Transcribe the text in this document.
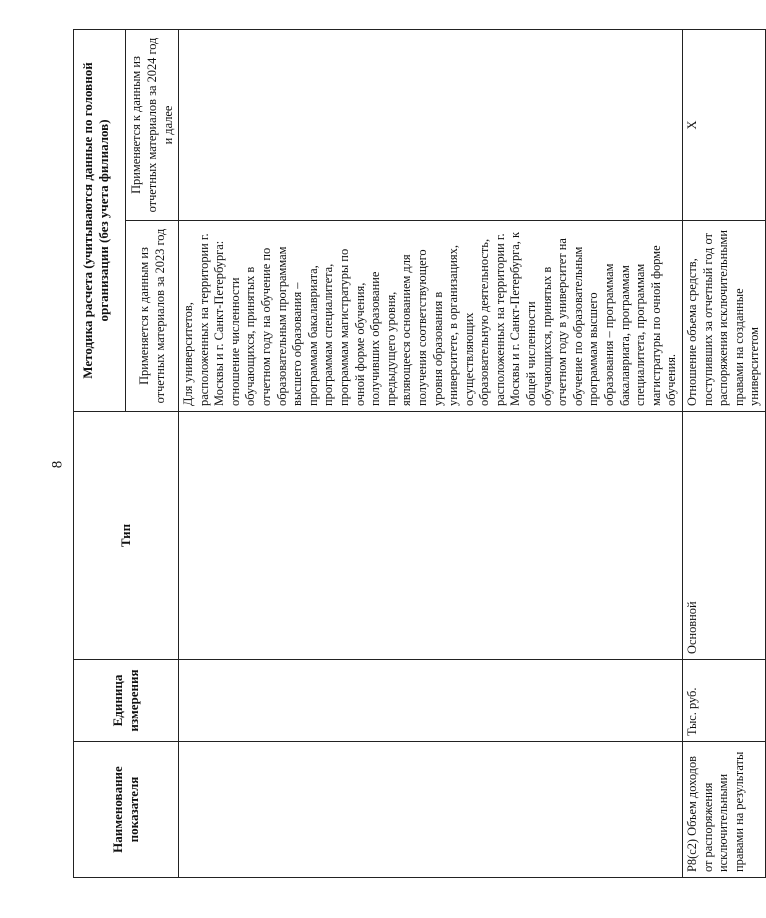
8
Наименование показателя	Единица измерения	Тип	Методика расчета (учитываются данные по головной организации (без учета филиалов)	
			Применяется к данным из отчетных материалов за 2023 год	Применяется к данным из отчетных материалов за 2024 год и далее
			Для университетов, расположенных на территории г. Москвы и г. Санкт-Петербурга: отношение численности обучающихся, принятых в отчетном году на обучение по образовательным программам высшего образования – программам бакалавриата, программам специалитета, программам магистратуры по очной форме обучения, получивших образование предыдущего уровня, являющееся основанием для получения соответствующего уровня образования в университете, в организациях, осуществляющих образовательную деятельность, расположенных на территории г. Москвы и г. Санкт-Петербурга, к общей численности обучающихся, принятых в отчетном году в университет на обучение по образовательным программам высшего образования – программам бакалавриата, программам специалитета, программам магистратуры по очной форме обучения.	
P8(c2) Объем доходов от распоряжения исключительными правами на результаты	Тыс. руб.	Основной	Отношение объема средств, поступивших за отчетный год от распоряжения исключительными правами на созданные университетом	X
